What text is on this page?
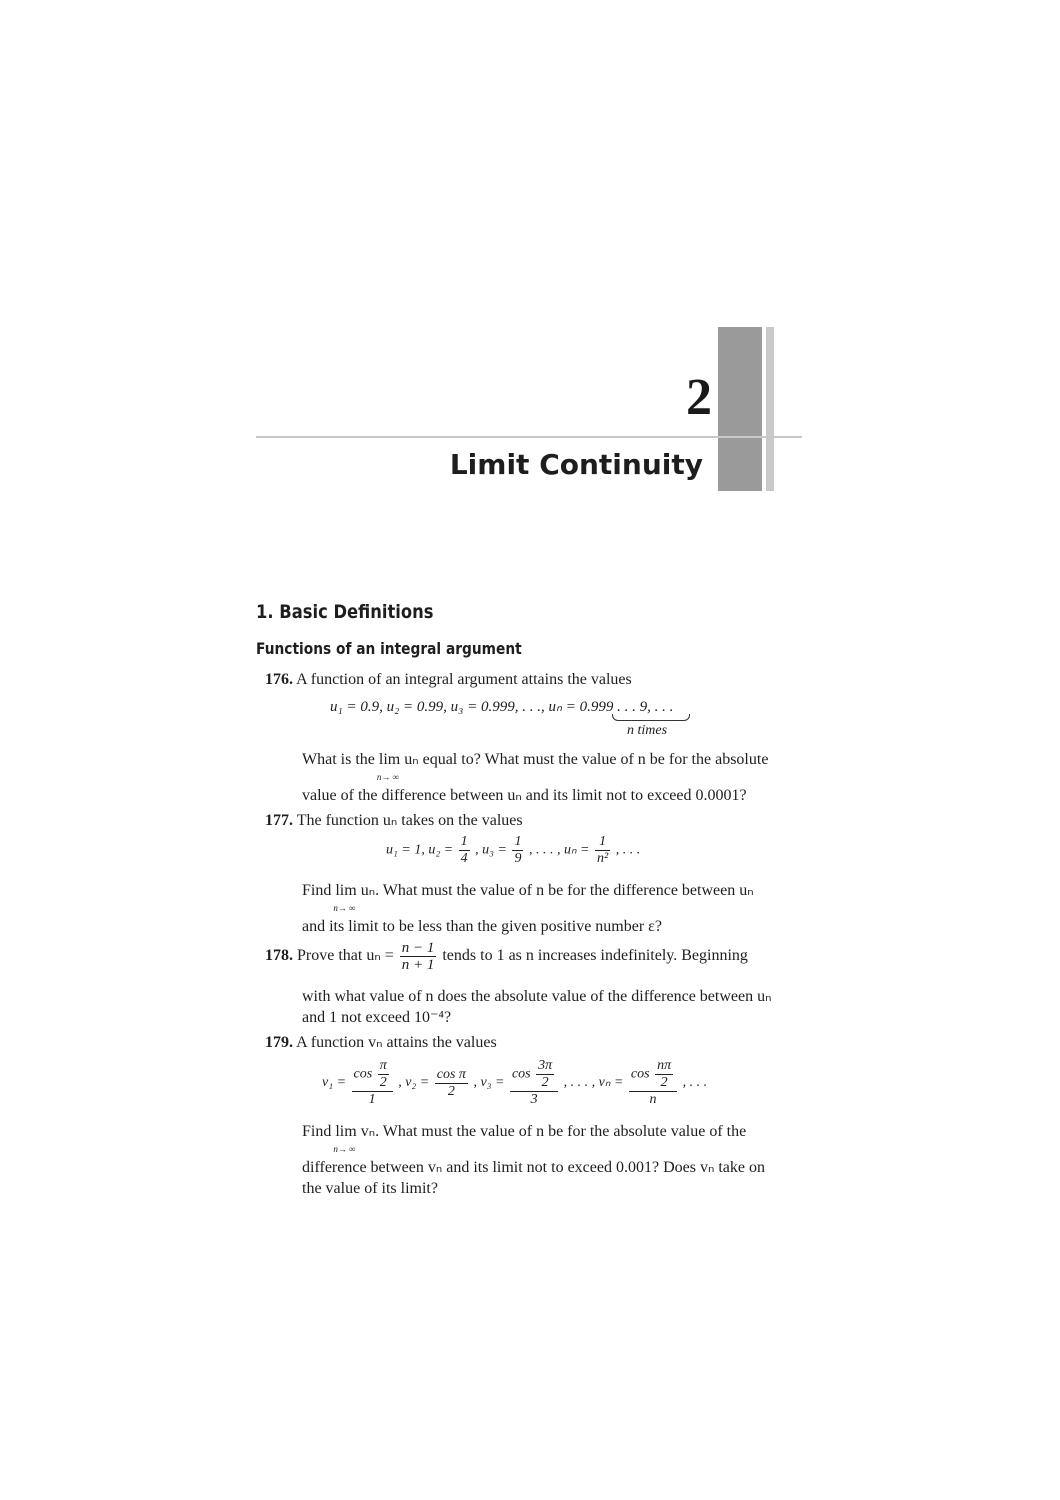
2
Limit Continuity
1. Basic Definitions
Functions of an integral argument
176. A function of an integral argument attains the values
u₁ = 0.9, u₂ = 0.99, u₃ = 0.999, . . ., uₙ = 0.999 . . . 9, . . .
n times
What is the lim
n→ ∞
uₙ equal to? What must the value of n be for the absolute
value of the difference between uₙ and its limit not to exceed 0.0001?
177. The function uₙ takes on the values
u₁ = 1, $u_2 = \frac{1}{4}$ , $u_3 = \frac{1}{9}$ , . . . , $u_n = \frac{1}{\text{n²}}$ , . . .
Find lim
n→ ∞
uₙ. What must the value of n be for the difference between uₙ
and its limit to be less than the given positive number ε?
178. Prove that $u_n = \frac{n - 1}{n + 1}$ tends to 1 as n increases indefinitely. Beginning
with what value of n does the absolute value of the difference between uₙ
and 1 not exceed 10⁻⁴?
179. A function vₙ attains the values
$v_1 = \frac{\cos \frac{\pi}{2}}{1}$ , $v_2 = \frac{\text{cos π}}{2}$ , $v_3 = \frac{\cos \frac{3\pi}{2}}{3}$ , . . . , $v_n = \frac{\cos \frac{n\pi}{2}}{n}$ , . . .
Find lim
n→ ∞
vₙ. What must the value of n be for the absolute value of the
difference between vₙ and its limit not to exceed 0.001? Does vₙ take on
the value of its limit?
